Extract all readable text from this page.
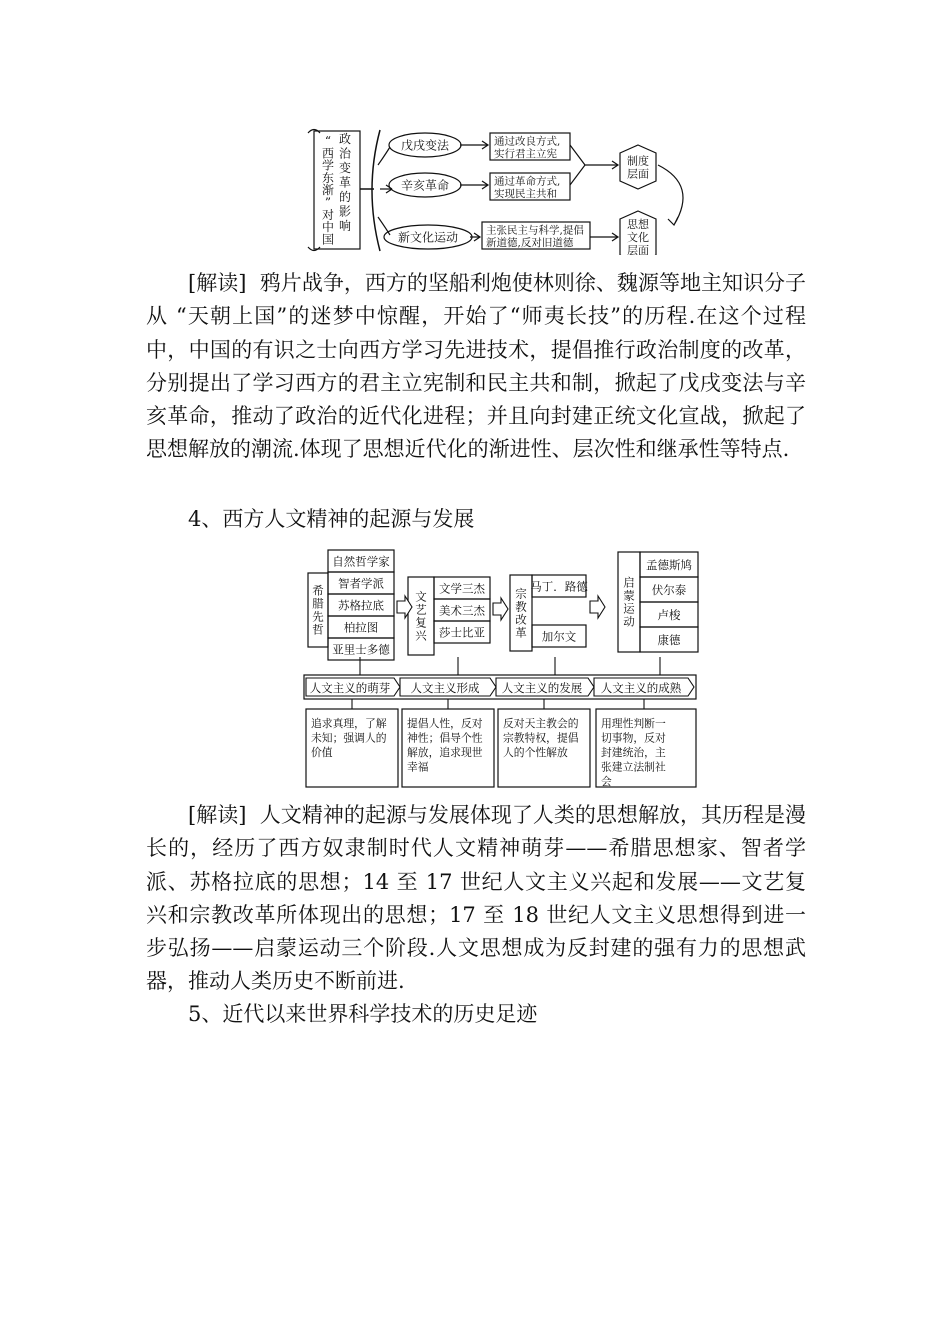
戊戌变法
辛亥革命
新文化运动
通过改良方式,
实行君主立宪
通过革命方式,
实现民主共和
主张民主与科学,提倡
新道德,反对旧道德
制度
层面
思想
文化
层面
“
西
学
东
渐
”
对
中
国
政
治
变
革
的
影
响

[解读] 鸦片战争，西方的坚船利炮使林则徐、魏源等地主知识分子从 “天朝上国”的迷梦中惊醒，开始了“师夷长技”的历程.在这个过程中，中国的有识之士向西方学习先进技术，提倡推行政治制度的改革，分别提出了学习西方的君主立宪制和民主共和制，掀起了戊戌变法与辛亥革命，推动了政治的近代化进程；并且向封建正统文化宣战，掀起了思想解放的潮流.体现了思想近代化的渐进性、层次性和继承性等特点.

4、西方人文精神的起源与发展

希
腊
先
哲
自然哲学家
智者学派
苏格拉底
柏拉图
亚里士多德
文
艺
复
兴
文学三杰
美术三杰
莎士比亚
宗
教
改
革
马丁．路德
加尔文
启
蒙
运
动
孟德斯鸠
伏尔泰
卢梭
康德
人文主义的萌芽 人文主义形成 人文主义的发展 人文主义的成熟
追求真理，了解
未知；强调人的
价值
提倡人性，反对
神性；倡导个性
解放，追求现世
幸福
反对天主教会的
宗教特权，提倡
人的个性解放
用理性判断一
切事物，反对
封建统治，主
张建立法制社
会

[解读] 人文精神的起源与发展体现了人类的思想解放，其历程是漫长的，经历了西方奴隶制时代人文精神萌芽——希腊思想家、智者学派、苏格拉底的思想；14 至 17 世纪人文主义兴起和发展——文艺复兴和宗教改革所体现出的思想；17 至 18 世纪人文主义思想得到进一步弘扬——启蒙运动三个阶段.人文思想成为反封建的强有力的思想武器，推动人类历史不断前进.

5、近代以来世界科学技术的历史足迹
